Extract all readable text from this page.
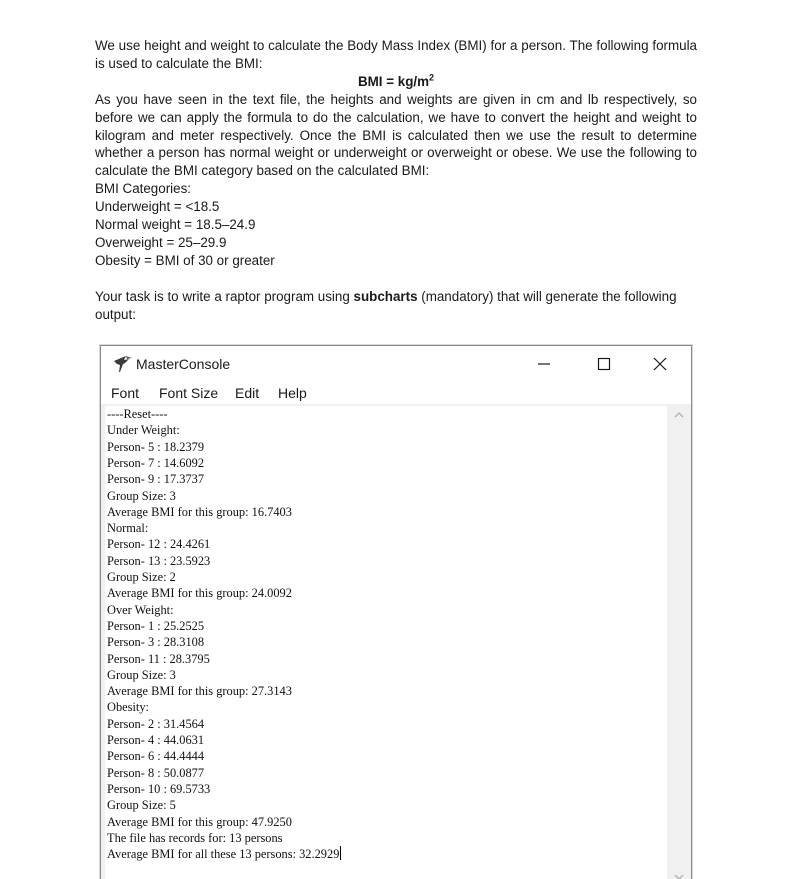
We use height and weight to calculate the Body Mass Index (BMI) for a person. The following formula is used to calculate the BMI:

BMI = $kg/m^2$

As you have seen in the text file, the heights and weights are given in cm and lb respectively, so before we can apply the formula to do the calculation, we have to convert the height and weight to kilogram and meter respectively. Once the BMI is calculated then we use the result to determine whether a person has normal weight or underweight or overweight or obese. We use the following to calculate the BMI category based on the calculated BMI:

BMI Categories:

Underweight = <18.5

Normal weight = 18.5–24.9

Overweight = 25–29.9

Obesity = BMI of 30 or greater

Your task is to write a raptor program using subcharts (mandatory) that will generate the following output:

MasterConsole
Font Font Size Edit Help
----Reset----
Under Weight:
Person- 5 : 18.2379
Person- 7 : 14.6092
Person- 9 : 17.3737
Group Size: 3
Average BMI for this group: 16.7403
Normal:
Person- 12 : 24.4261
Person- 13 : 23.5923
Group Size: 2
Average BMI for this group: 24.0092
Over Weight:
Person- 1 : 25.2525
Person- 3 : 28.3108
Person- 11 : 28.3795
Group Size: 3
Average BMI for this group: 27.3143
Obesity:
Person- 2 : 31.4564
Person- 4 : 44.0631
Person- 6 : 44.4444
Person- 8 : 50.0877
Person- 10 : 69.5733
Group Size: 5
Average BMI for this group: 47.9250
The file has records for: 13 persons
Average BMI for all these 13 persons: 32.2929
